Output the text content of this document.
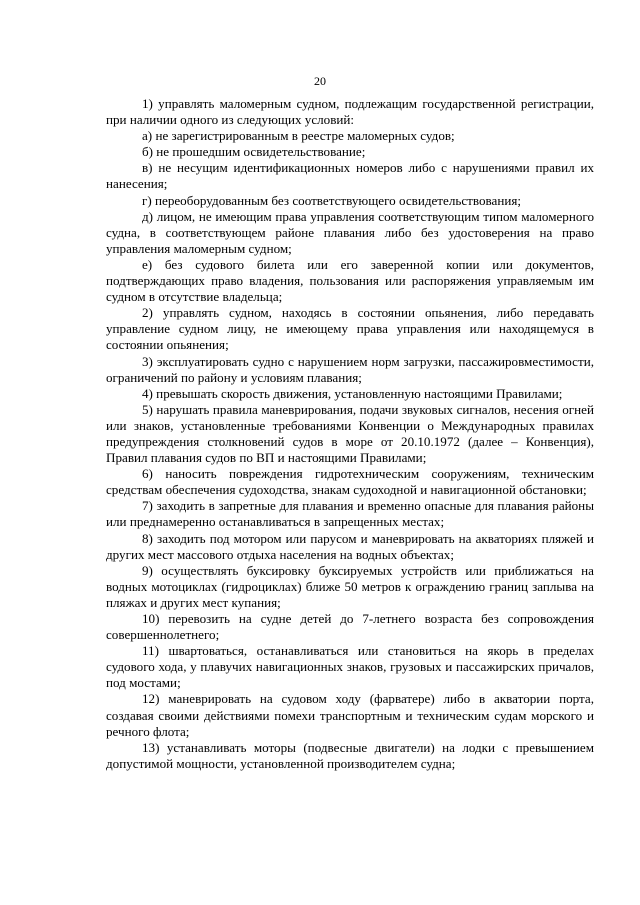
20

1) управлять маломерным судном, подлежащим государственной регистрации, при наличии одного из следующих условий:

а) не зарегистрированным в реестре маломерных судов;

б) не прошедшим освидетельствование;

в) не несущим идентификационных номеров либо с нарушениями правил их нанесения;

г) переоборудованным без соответствующего освидетельствования;

д) лицом, не имеющим права управления соответствующим типом маломерного судна, в соответствующем районе плавания либо без удостоверения на право управления маломерным судном;

е) без судового билета или его заверенной копии или документов, подтверждающих право владения, пользования или распоряжения управляемым им судном в отсутствие владельца;

2) управлять судном, находясь в состоянии опьянения, либо передавать управление судном лицу, не имеющему права управления или находящемуся в состоянии опьянения;

3) эксплуатировать судно с нарушением норм загрузки, пассажировместимости, ограничений по району и условиям плавания;

4) превышать скорость движения, установленную настоящими Правилами;

5) нарушать правила маневрирования, подачи звуковых сигналов, несения огней или знаков, установленные требованиями Конвенции о Международных правилах предупреждения столкновений судов в море от 20.10.1972 (далее – Конвенция), Правил плавания судов по ВП и настоящими Правилами;

6) наносить повреждения гидротехническим сооружениям, техническим средствам обеспечения судоходства, знакам судоходной и навигационной обстановки;

7) заходить в запретные для плавания и временно опасные для плавания районы или преднамеренно останавливаться в запрещенных местах;

8) заходить под мотором или парусом и маневрировать на акваториях пляжей и других мест массового отдыха населения на водных объектах;

9) осуществлять буксировку буксируемых устройств или приближаться на водных мотоциклах (гидроциклах) ближе 50 метров к ограждению границ заплыва на пляжах и других мест купания;

10) перевозить на судне детей до 7-летнего возраста без сопровождения совершеннолетнего;

11) швартоваться, останавливаться или становиться на якорь в пределах судового хода, у плавучих навигационных знаков, грузовых и пассажирских причалов, под мостами;

12) маневрировать на судовом ходу (фарватере) либо в акватории порта, создавая своими действиями помехи транспортным и техническим судам морского и речного флота;

13) устанавливать моторы (подвесные двигатели) на лодки с превышением допустимой мощности, установленной производителем судна;
